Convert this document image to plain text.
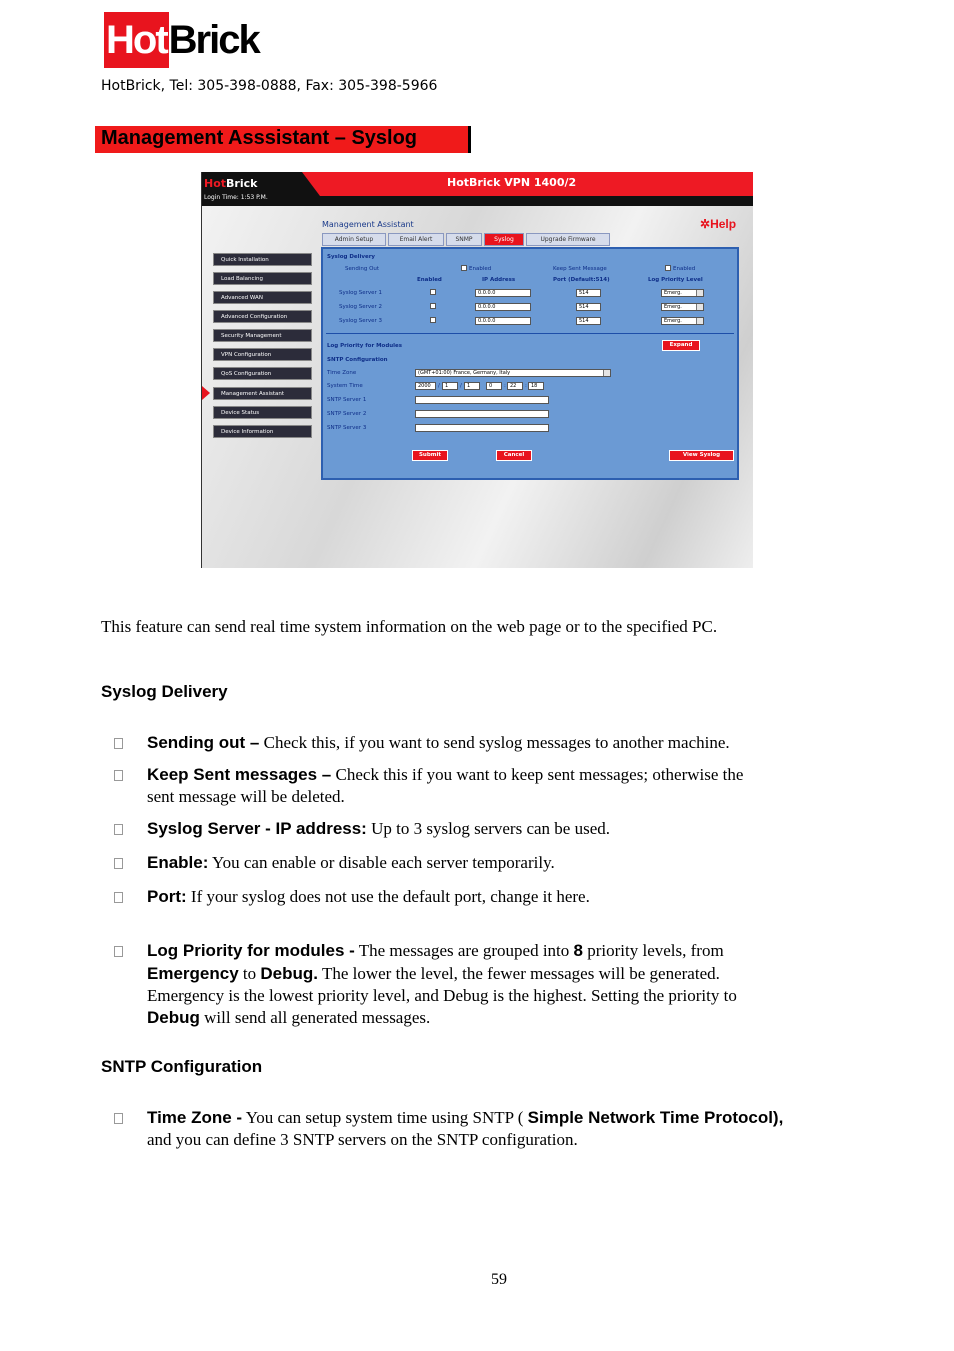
Hot Brick
HotBrick, Tel: 305-398-0888, Fax: 305-398-5966
Management Asssistant – Syslog
HotBrick
Login Time: 1:53 P.M.
HotBrick VPN 1400/2
Quick Installation
Load Balancing
Advanced WAN
Advanced Configuration
Security Management
VPN Configuration
QoS Configuration
Management Assistant
Device Status
Device Information
Management Assistant	✲Help
Admin Setup	Email Alert	SNMP	Syslog	Upgrade Firmware
Syslog Delivery
Sending Out	Enabled	Keep Sent Message	Enabled
Enabled	IP Address	Port (Default:514)	Log Priority Level
Syslog Server 1	0.0.0.0	514	Emerg.
Syslog Server 2	0.0.0.0	514	Emerg.
Syslog Server 3	0.0.0.0	514	Emerg.
Log Priority for Modules	Expand
SNTP Configuration
Time Zone	(GMT+01:00) France, Germany, Italy
System Time	2000	/	1	/	1	0	: 22	: 18
SNTP Server 1
SNTP Server 2
SNTP Server 3
Submit	Cancel	View Syslog
This feature can send real time system information on the web page or to the specified PC.
Syslog Delivery
Sending out – Check this, if you want to send syslog messages to another machine.
Keep Sent messages – Check this if you want to keep sent messages; otherwise the
sent message will be deleted.
Syslog Server - IP address: Up to 3 syslog servers can be used.
Enable: You can enable or disable each server temporarily.
Port: If your syslog does not use the default port, change it here.
Log Priority for modules - The messages are grouped into 8 priority levels, from
Emergency to Debug. The lower the level, the fewer messages will be generated.
Emergency is the lowest priority level, and Debug is the highest. Setting the priority to
Debug will send all generated messages.
SNTP Configuration
Time Zone - You can setup system time using SNTP ( Simple Network Time Protocol),
and you can define 3 SNTP servers on the SNTP configuration.
59
